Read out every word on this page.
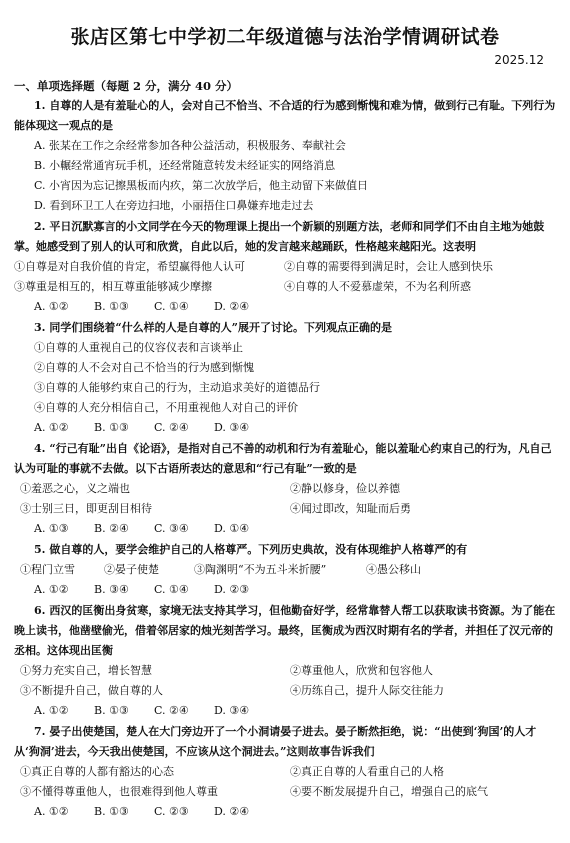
张店区第七中学初二年级道德与法治学情调研试卷
2025.12
一、单项选择题（每题 2 分，满分 40 分）
1. 自尊的人是有羞耻心的人，会对自己不恰当、不合适的行为感到惭愧和难为情，做到行己有耻。下列行为能体现这一观点的是
A. 张某在工作之余经常参加各种公益活动，积极服务、奉献社会
B. 小輾经常通宵玩手机，还经常随意转发未经证实的网络消息
C. 小宵因为忘记擦黑板而内疚，第二次放学后，他主动留下来做值日
D. 看到环卫工人在旁边扫地，小丽捂住口鼻嫌弃地走过去
2. 平日沉默寡言的小文同学在今天的物理课上提出一个新颖的别题方法，老师和同学们不由自主地为她鼓掌。她感受到了别人的认可和欣赏，自此以后，她的发言越来越踊跃，性格越来越阳光。这表明
①自尊是对自我价值的肯定，希望赢得他人认可	②自尊的需要得到满足时，会让人感到快乐
③尊重是相互的，相互尊重能够减少摩擦	④自尊的人不爱慕虚荣，不为名利所惑
A. ①②	B. ①③	C. ①④	D. ②④
3. 同学们围绕着“什么样的人是自尊的人”展开了讨论。下列观点正确的是
①自尊的人重视自己的仪容仪表和言谈举止
②自尊的人不会对自己不恰当的行为感到惭愧
③自尊的人能够约束自己的行为，主动追求美好的道德品行
④自尊的人充分相信自己，不用重视他人对自己的评价
A. ①②	B. ①③	C. ②④	D. ③④
4. “行己有耻”出自《论语》，是指对自己不善的动机和行为有羞耻心，能以羞耻心约束自己的行为，凡自己认为可耻的事就不去做。以下古语所表达的意思和“行己有耻”一致的是
①羞恶之心，义之端也	②静以修身，俭以养德
③士别三日，即更刮目相待	④闻过即改，知耻而后勇
A. ①③	B. ②④	C. ③④	D. ①④
5. 做自尊的人，要学会维护自己的人格尊严。下列历史典故，没有体现维护人格尊严的有
①程门立雪	②晏子使楚	③陶渊明“不为五斗米折腰”	④愚公移山
A. ①②	B. ③④	C. ①④	D. ②③
6. 西汉的匡衡出身贫寒，家境无法支持其学习，但他勤奋好学，经常靠替人帮工以获取读书资源。为了能在晚上读书，他凿壁偷光，借着邻居家的烛光刻苦学习。最终，匡衡成为西汉时期有名的学者，并担任了汉元帝的丞相。这体现出匡衡
①努力充实自己，增长智慧	②尊重他人，欣赏和包容他人
③不断提升自己，做自尊的人	④历练自己，提升人际交往能力
A. ①②	B. ①③	C. ②④	D. ③④
7. 晏子出使楚国，楚人在大门旁边开了一个小洞请晏子进去。晏子断然拒绝，说：“出使到‘狗国’的人才从‘狗洞’进去，今天我出使楚国，不应该从这个洞进去。”这则故事告诉我们
①真正自尊的人都有豁达的心态	②真正自尊的人看重自己的人格
③不懂得尊重他人，也很难得到他人尊重	④要不断发展提升自己，增强自己的底气
A. ①②	B. ①③	C. ②③	D. ②④
